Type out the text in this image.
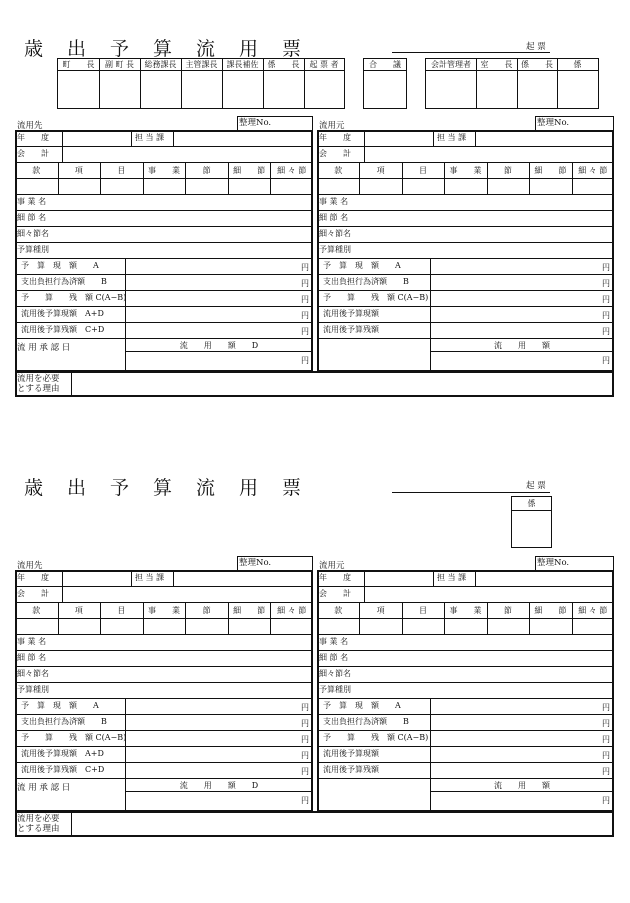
歳出予算流用票	起 票
町　　長	副 町 長	総務課長	主管課長	課長補佐	係　　長	起 票 者	合　　議	会計管理者	室　　長	係　　長	係
歳出予算流用票	起 票
係
流用先	整理No.
年　　度	担 当 課
会　　計
款	項	目	事　　業	節	細　　節	細 々 節
事 業 名
細 節 名
細々節名
予算種別
予　算　現　額　　A	円
支出負担行為済額　　B	円
予　　算　　残　額 C(A−B)	円
流用後予算現額　A+D	円
流用後予算残額　C+D	円
流 用 承 認 日	流　　用　　額　　D
円
流用元	整理No.
年　　度	担 当 課
会　　計
款	項	目	事　　業	節	細　　節	細 々 節
事 業 名
細 節 名
細々節名
予算種別
予　算　現　額　　A	円
支出負担行為済額　　B	円
予　　算　　残　額 C(A−B)	円
流用後予算現額	円
流用後予算残額	円
流　　用　　額
円
流用を必要
とする理由
流用先	整理No.
年　　度	担 当 課
会　　計
款	項	目	事　　業	節	細　　節	細 々 節
事 業 名
細 節 名
細々節名
予算種別
予　算　現　額　　A	円
支出負担行為済額　　B	円
予　　算　　残　額 C(A−B)	円
流用後予算現額　A+D	円
流用後予算残額　C+D	円
流 用 承 認 日	流　　用　　額　　D
円
流用元	整理No.
年　　度	担 当 課
会　　計
款	項	目	事　　業	節	細　　節	細 々 節
事 業 名
細 節 名
細々節名
予算種別
予　算　現　額　　A	円
支出負担行為済額　　B	円
予　　算　　残　額 C(A−B)	円
流用後予算現額	円
流用後予算残額	円
流　　用　　額
円
流用を必要
とする理由
